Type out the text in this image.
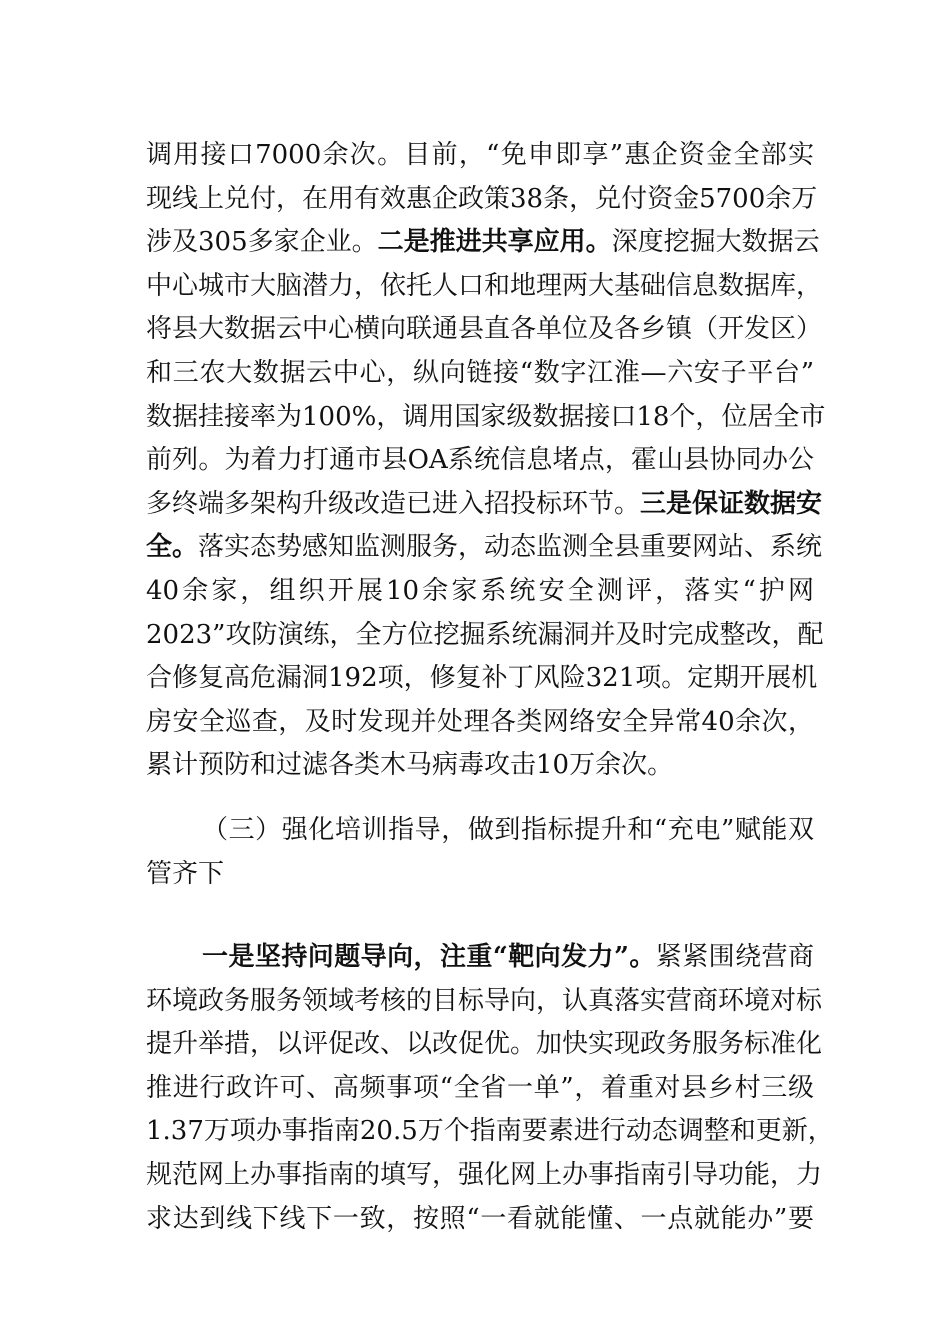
调用接口7000余次。目前，“免申即享”惠企资金全部实
现线上兑付，在用有效惠企政策38条，兑付资金5700余万
涉及305多家企业。二是推进共享应用。深度挖掘大数据云
中心城市大脑潜力，依托人口和地理两大基础信息数据库，
将县大数据云中心横向联通县直各单位及各乡镇（开发区）
和三农大数据云中心，纵向链接“数字江淮—六安子平台”
数据挂接率为100%，调用国家级数据接口18个，位居全市
前列。为着力打通市县OA系统信息堵点，霍山县协同办公
多终端多架构升级改造已进入招投标环节。三是保证数据安
全。落实态势感知监测服务，动态监测全县重要网站、系统
40余家，组织开展10余家系统安全测评，落实“护网
2023”攻防演练，全方位挖掘系统漏洞并及时完成整改，配
合修复高危漏洞192项，修复补丁风险321项。定期开展机
房安全巡查，及时发现并处理各类网络安全异常40余次，
累计预防和过滤各类木马病毒攻击10万余次。
（三）强化培训指导，做到指标提升和“充电”赋能双
管齐下
一是坚持问题导向，注重“靶向发力”。紧紧围绕营商
环境政务服务领域考核的目标导向，认真落实营商环境对标
提升举措，以评促改、以改促优。加快实现政务服务标准化
推进行政许可、高频事项“全省一单”，着重对县乡村三级
1.37万项办事指南20.5万个指南要素进行动态调整和更新，
规范网上办事指南的填写，强化网上办事指南引导功能，力
求达到线下线下一致，按照“一看就能懂、一点就能办”要
